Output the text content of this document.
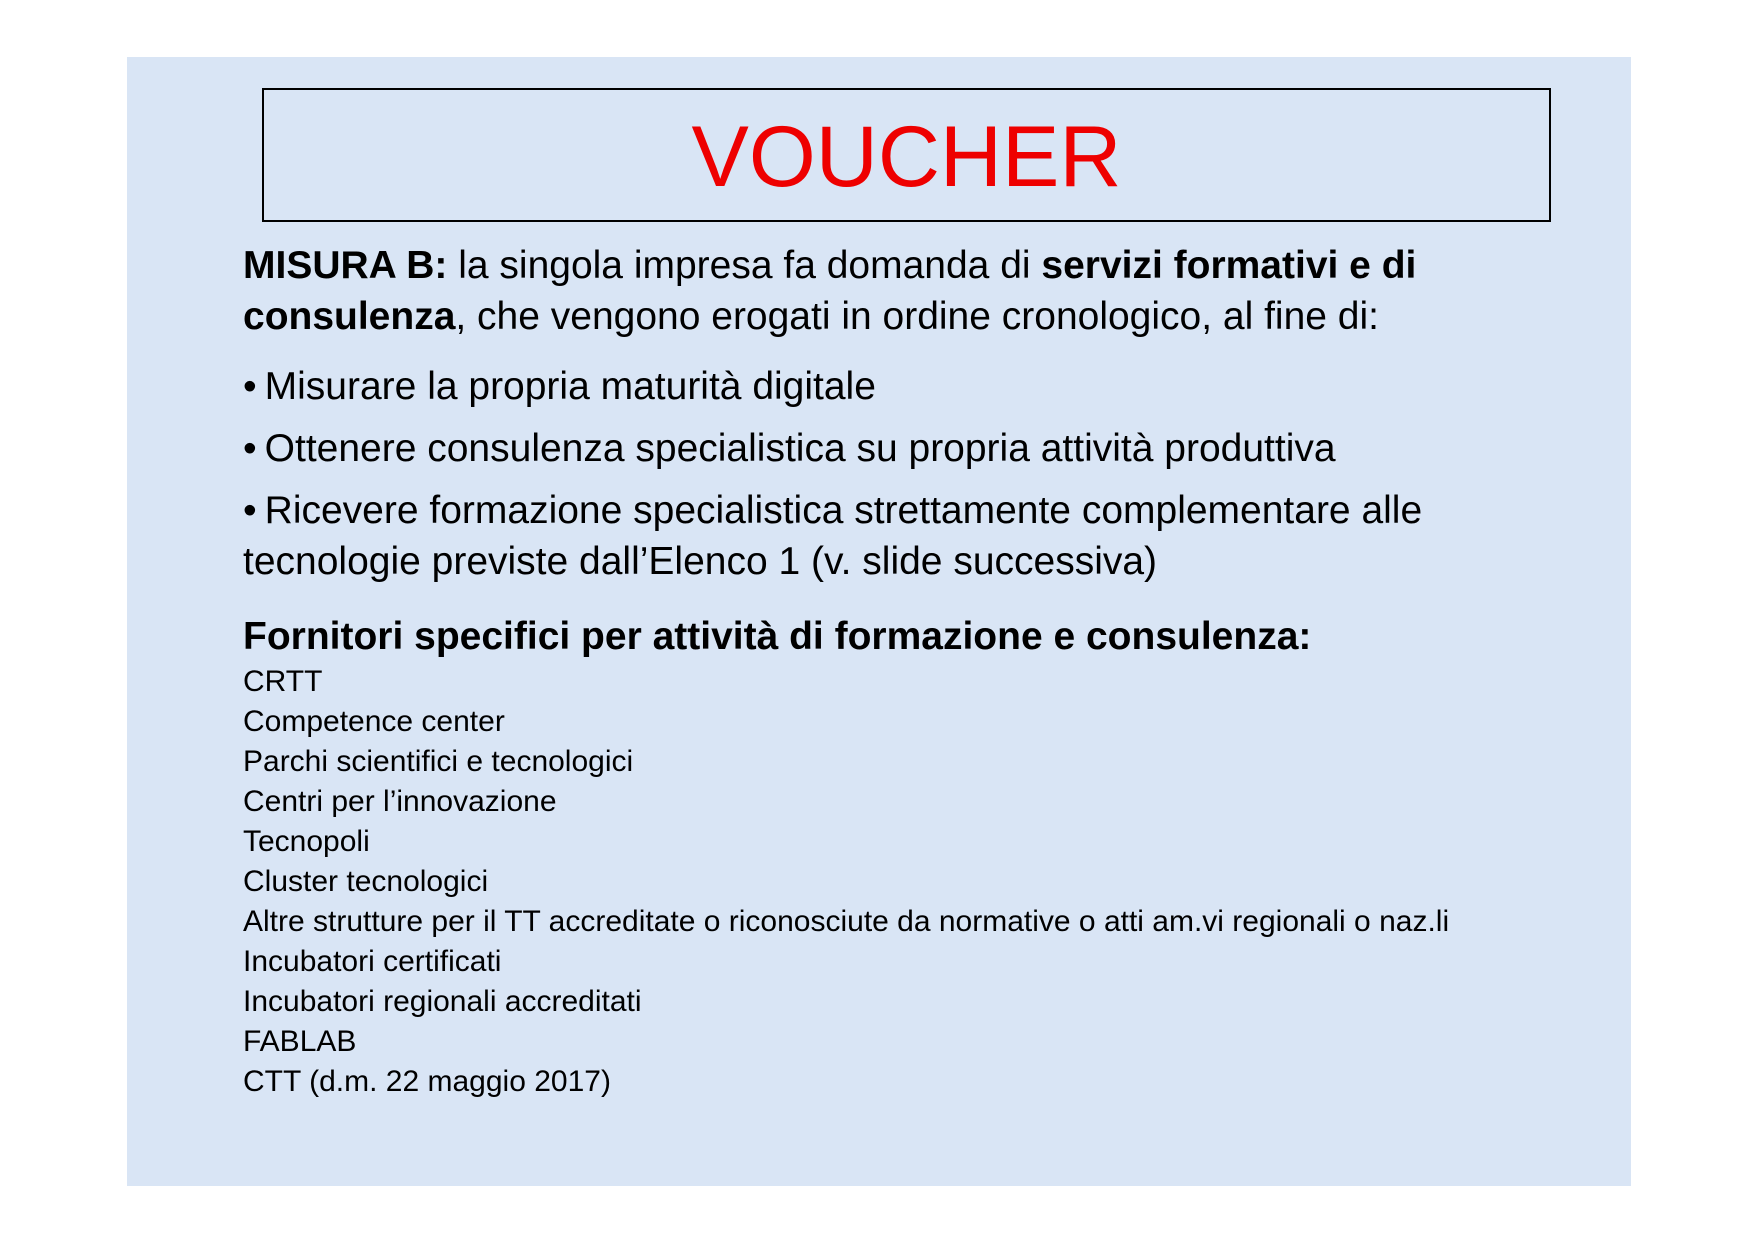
VOUCHER

MISURA B: la singola impresa fa domanda di servizi formativi e di consulenza, che vengono erogati in ordine cronologico, al fine di:

• Misurare la propria maturità digitale
• Ottenere consulenza specialistica su propria attività produttiva
• Ricevere formazione specialistica strettamente complementare alle tecnologie previste dall’Elenco 1 (v. slide successiva)

Fornitori specifici per attività di formazione e consulenza:

CRTT
Competence center
Parchi scientifici e tecnologici
Centri per l’innovazione
Tecnopoli
Cluster tecnologici
Altre strutture per il TT accreditate o riconosciute da normative o atti am.vi regionali o naz.li
Incubatori certificati
Incubatori regionali accreditati
FABLAB
CTT (d.m. 22 maggio 2017)
